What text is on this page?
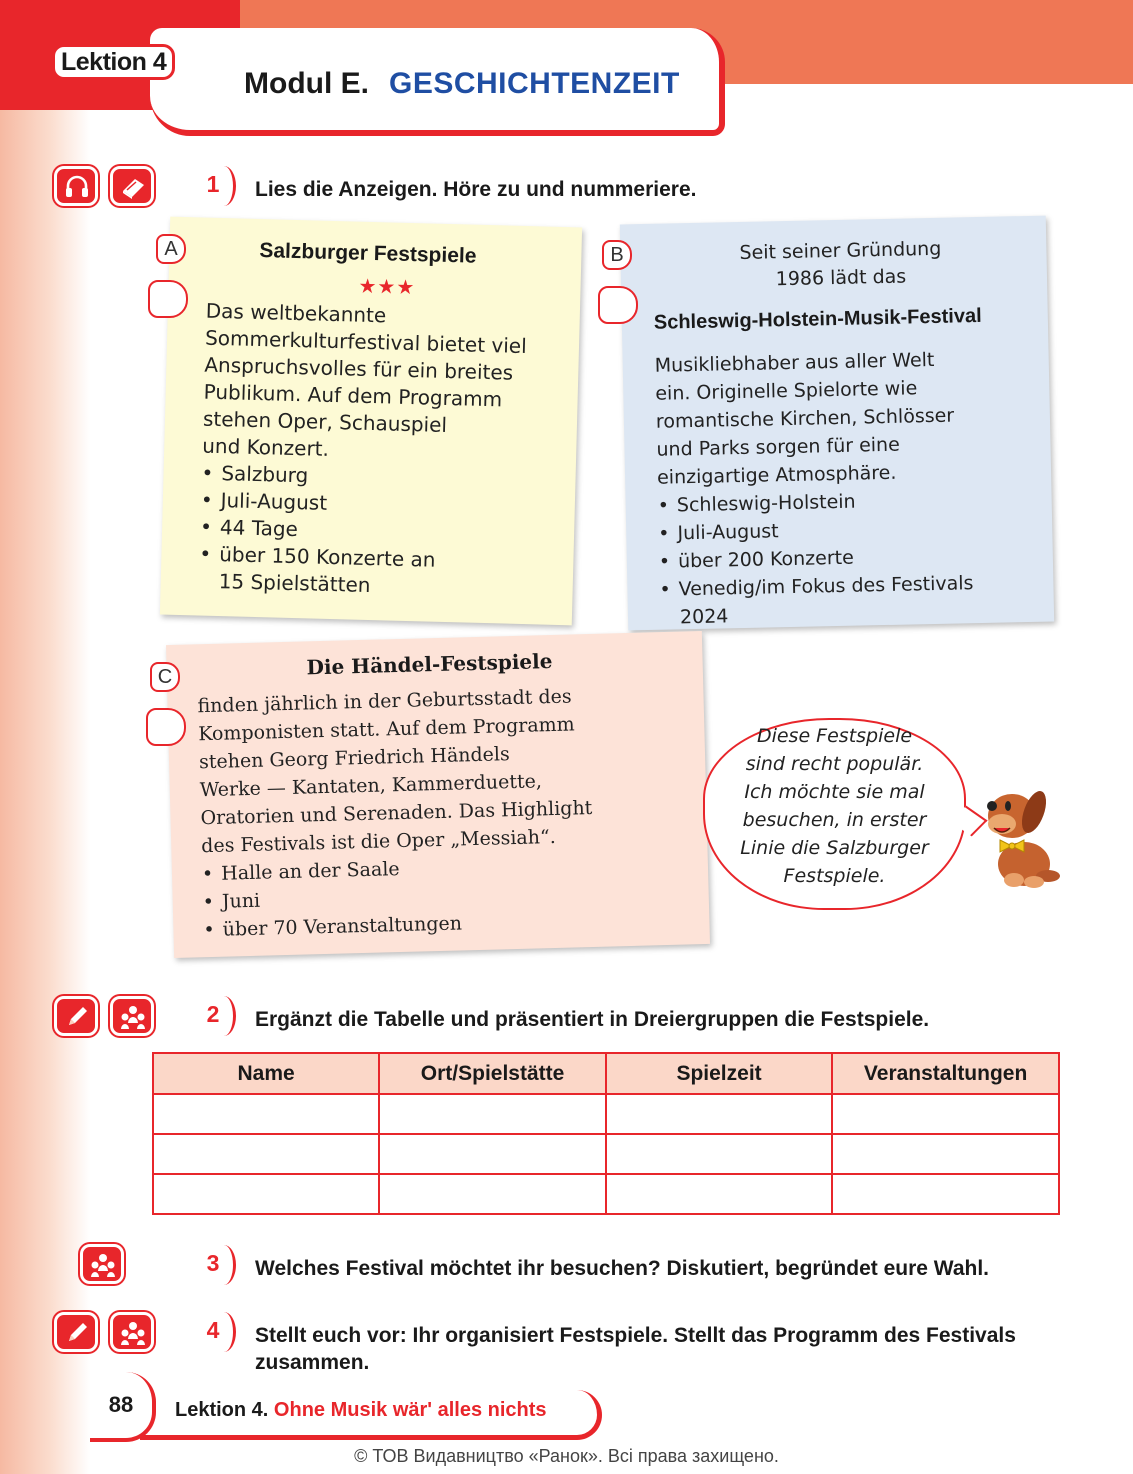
Lektion 4
Modul E. GESCHICHTENZEIT
1	Lies die Anzeigen. Höre zu und nummeriere.
Salzburger Festspiele
★★★
Das weltbekannte
Sommerkulturfestival bietet viel
Anspruchsvolles für ein breites
Publikum. Auf dem Programm
stehen Oper, Schauspiel
und Konzert.
• Salzburg
• Juli-August
• 44 Tage
• über 150 Konzerte an
15 Spielstätten
A	Seit seiner Gründung
1986 lädt das
Schleswig-Holstein-Musik-Festival
Musikliebhaber aus aller Welt
ein. Originelle Spielorte wie
romantische Kirchen, Schlösser
und Parks sorgen für eine
einzigartige Atmosphäre.
• Schleswig-Holstein
• Juli-August
• über 200 Konzerte
• Venedig/im Fokus des Festivals
2024
B
Die Händel-Festspiele
finden jährlich in der Geburtsstadt des
Komponisten statt. Auf dem Programm
stehen Georg Friedrich Händels
Werke — Kantaten, Kammerduette,
Oratorien und Serenaden. Das Highlight
des Festivals ist die Oper „Messiah“.
• Halle an der Saale
• Juni
• über 70 Veranstaltungen
C
Diese Festspiele
sind recht populär.
Ich möchte sie mal
besuchen, in erster
Linie die Salzburger
Festspiele.
2	Ergänzt die Tabelle und präsentiert in Dreiergruppen die Festspiele.
Name	Ort/Spielstätte	Spielzeit	Veranstaltungen

3	Welches Festival möchtet ihr besuchen? Diskutiert, begründet eure Wahl.
4	Stellt euch vor: Ihr organisiert Festspiele. Stellt das Programm des Festivals zusammen.
88	Lektion 4. Ohne Musik wär' alles nichts
© ТОВ Видавництво «Ранок». Всі права захищено.
